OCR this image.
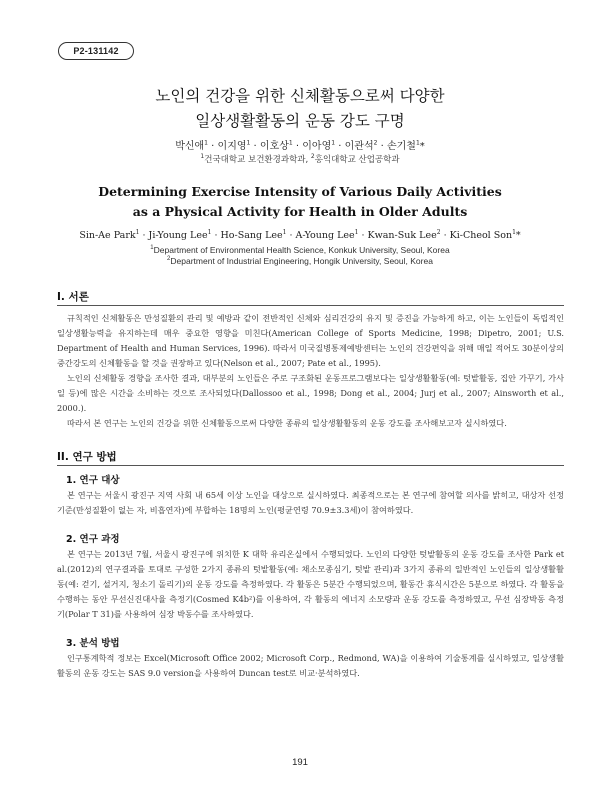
P2-131142
노인의 건강을 위한 신체활동으로써 다양한
일상생활활동의 운동 강도 구명
박신애$^1$ · 이지영$^1$ · 이호상$^1$ · 이아영$^1$ · 이관석$^2$ · 손기철$^1$*
$^1$건국대학교 보건환경과학과, $^2$홍익대학교 산업공학과
Determining Exercise Intensity of Various Daily Activities
as a Physical Activity for Health in Older Adults
Sin-Ae Park$^1$ · Ji-Young Lee$^1$ · Ho-Sang Lee$^1$ · A-Young Lee$^1$ · Kwan-Suk Lee$^2$ · Ki-Cheol Son$^1$*
$^1$Department of Environmental Health Science, Konkuk University, Seoul, Korea
$^2$Department of Industrial Engineering, Hongik University, Seoul, Korea
I. 서론

규칙적인 신체활동은 만성질환의 관리 및 예방과 같이 전반적인 신체와 심리건강의 유지 및 증진을 가능하게 하고, 이는 노인들이 독립적인 일상생활능력을 유지하는데 매우 중요한 영향을 미친다(American College of Sports Medicine, 1998; Dipetro, 2001; U.S. Department of Health and Human Services, 1996). 따라서 미국질병통제예방센터는 노인의 건강편익을 위해 매일 적어도 30분이상의 중간강도의 신체활동을 할 것을 권장하고 있다(Nelson et al., 2007; Pate et al., 1995).

노인의 신체활동 경향을 조사한 결과, 대부분의 노인들은 주로 구조화된 운동프로그램보다는 일상생활활동(예: 텃밭활동, 집안 가꾸기, 가사일 등)에 많은 시간을 소비하는 것으로 조사되었다(Dallossoo et al., 1998; Dong et al., 2004; Jurj et al., 2007; Ainsworth et al., 2000.).

따라서 본 연구는 노인의 건강을 위한 신체활동으로써 다양한 종류의 일상생활활동의 운동 강도를 조사해보고자 실시하였다.

II. 연구 방법
1. 연구 대상

본 연구는 서울시 광진구 지역 사회 내 65세 이상 노인을 대상으로 실시하였다. 최종적으로는 본 연구에 참여할 의사를 밝히고, 대상자 선정기준(만성질환이 없는 자, 비흡연자)에 부합하는 18명의 노인(평균연령 70.9±3.3세)이 참여하였다.

2. 연구 과정

본 연구는 2013년 7월, 서울시 광진구에 위치한 K 대학 유리온실에서 수행되었다. 노인의 다양한 텃밭활동의 운동 강도를 조사한 Park et al.(2012)의 연구결과를 토대로 구성한 2가지 종류의 텃밭활동(예: 채소모종심기, 텃밭 관리)과 3가지 종류의 일반적인 노인들의 일상생활활동(예: 걷기, 설거지, 청소기 돌리기)의 운동 강도를 측정하였다. 각 활동은 5분간 수행되었으며, 활동간 휴식시간은 5분으로 하였다. 각 활동을 수행하는 동안 무선신진대사율 측정기(Cosmed K4b²)를 이용하여, 각 활동의 에너지 소모량과 운동 강도를 측정하였고, 무선 심장박동 측정기(Polar T 31)를 사용하여 심장 박동수를 조사하였다.

3. 분석 방법

인구통계학적 정보는 Excel(Microsoft Office 2002; Microsoft Corp., Redmond, WA)을 이용하여 기술통계를 실시하였고, 일상생활활동의 운동 강도는 SAS 9.0 version을 사용하여 Duncan test로 비교·분석하였다.

191
